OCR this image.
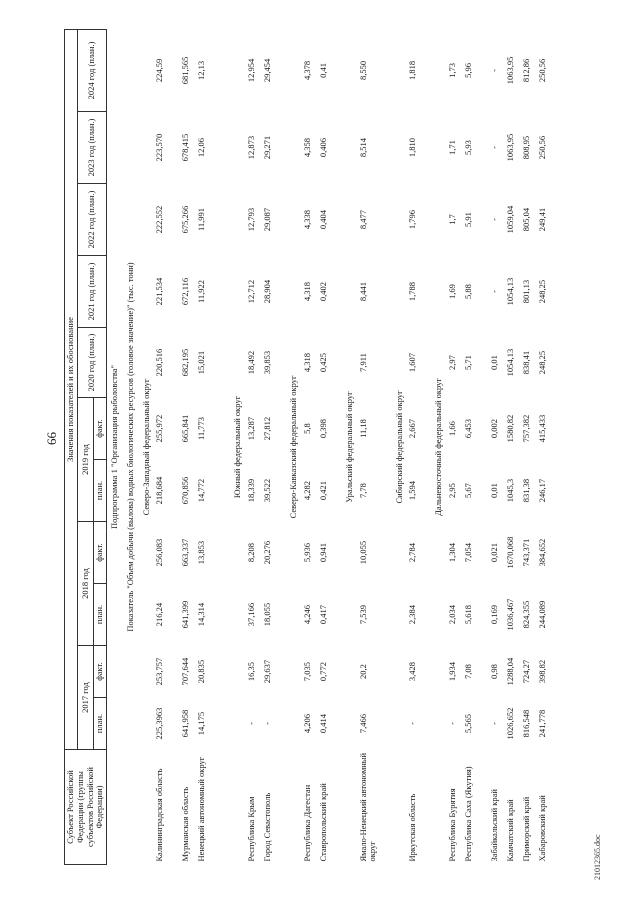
66
21012365.doc
Субъект Российской Федерации (группы субъектов Российской Федерации)	Значения показателей и их обоснование										
	2017 год		2018 год		2019 год		2020 год (план.)	2021 год (план.)	2022 год (план.)	2023 год (план.)	2024 год (план.)
	план.	факт.	план.	факт.	план.	факт.					
Подпрограмма 1 "Организация рыболовства"											
Показатель "Объем добычи (вылова) водных биологических ресурсов (головое значение)" (тыс. тонн)											
Северо-Западный федеральный округ											
Калининградская область	225,3963	253,757	216,24	256,083	218,684	255,972	220,516	221,534	222,552	223,570	224,59
Мурманская область	641,958	707,644	641,399	663,337	670,856	665,841	682,195	672,116	675,266	678,415	681,565
Ненецкий автономный округ	14,175	20,835	14,314	13,853	14,772	11,773	15,021	11,922	11,991	12,06	12,13

Южный федеральный округ											
Республика Крым	-	16,35	37,166	8,208	18,339	13,287	18,492	12,712	12,793	12,873	12,954
Город Севастополь	-	29,637	18,055	20,276	39,522	27,812	39,853	28,904	29,087	29,271	29,454

Северо-Кавказский федеральный округ											
Республика Дагестан	4,206	7,035	4,246	5,936	4,282	5,8	4,318	4,318	4,338	4,358	4,378
Ставропольский край	0,414	0,772	0,417	0,941	0,421	0,398	0,425	0,402	0,404	0,406	0,41

Уральский федеральный округ											
Ямало-Ненецкий автономный округ	7,466	20,2	7,539	10,055	7,78	11,18	7,911	8,441	8,477	8,514	8,550

Сибирский федеральный округ											
Иркутская область	-	3,428	2,384	2,784	1,594	2,667	1,607	1,788	1,796	1,810	1,818

Дальневосточный федеральный округ											
Республика Бурятия	-	1,934	2,034	1,304	2,95	1,66	2,97	1,69	1,7	1,71	1,73
Республика Саха (Якутия)	5,565	7,08	5,618	7,054	5,67	6,453	5,71	5,88	5,91	5,93	5,96
Забайкальский край	-	0,98	0,169	0,021	0,01	0,002	0,01	-	-	-	-
Камчатский край	1026,652	1288,04	1036,467	1670,068	1045,3	1580,82	1054,13	1054,13	1059,04	1063,95	1063,95
Приморский край	816,548	724,27	824,355	743,371	831,38	757,382	838,41	801,13	805,04	808,95	812,86
Хабаровский край	241,778	398,82	244,089	384,652	246,17	415,433	248,25	248,25	249,41	250,56	250,56
